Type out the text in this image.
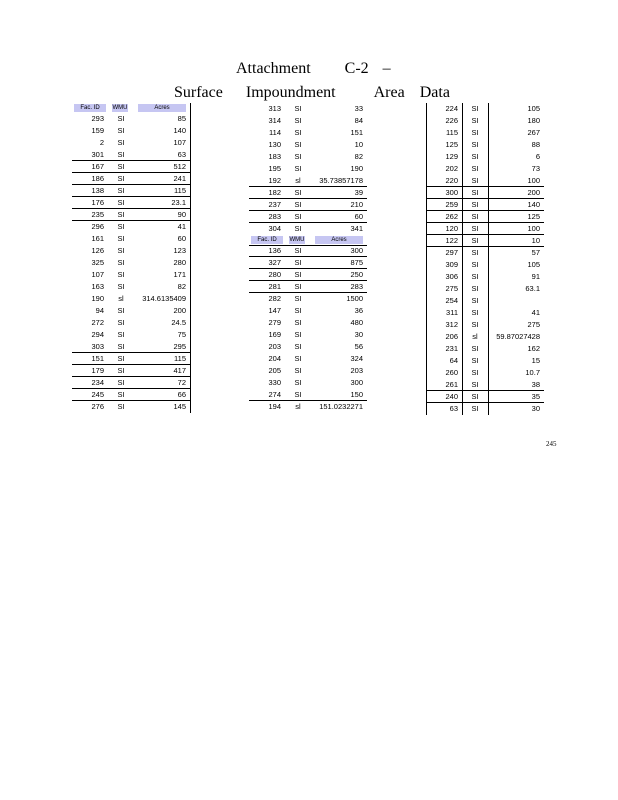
Attachment C-2 –
Surface Impoundment Area Data
Fac. ID	WMU	Acres
293	SI	85
159	SI	140
2	SI	107
301	SI	63
167	SI	512
186	SI	241
138	SI	115
176	SI	23.1
235	SI	90
296	SI	41
161	SI	60
126	SI	123
325	SI	280
107	SI	171
163	SI	82
190	sl	314.6135409
94	SI	200
272	SI	24.5
294	SI	75
303	SI	295
151	SI	115
179	SI	417
234	SI	72
245	SI	66
276	SI	145
313	SI	33
314	SI	84
114	SI	151
130	SI	10
183	SI	82
195	SI	190
192	sl	35.73857178
182	SI	39
237	SI	210
283	SI	60
304	SI	341
Fac. ID	WMU	Acres
136	SI	300
327	SI	875
280	SI	250
281	SI	283
282	SI	1500
147	SI	36
279	SI	480
169	SI	30
203	SI	56
204	SI	324
205	SI	203
330	SI	300
274	SI	150
194	sl	151.0232271
224	SI	105
226	SI	180
115	SI	267
125	SI	88
129	SI	6
202	SI	73
220	SI	100
300	SI	200
259	SI	140
262	SI	125
120	SI	100
122	SI	10
297	SI	57
309	SI	105
306	SI	91
275	SI	63.1
254	SI
311	SI	41
312	SI	275
206	sl	59.87027428
231	SI	162
64	SI	15
260	SI	10.7
261	SI	38
240	SI	35
63	SI	30
245
